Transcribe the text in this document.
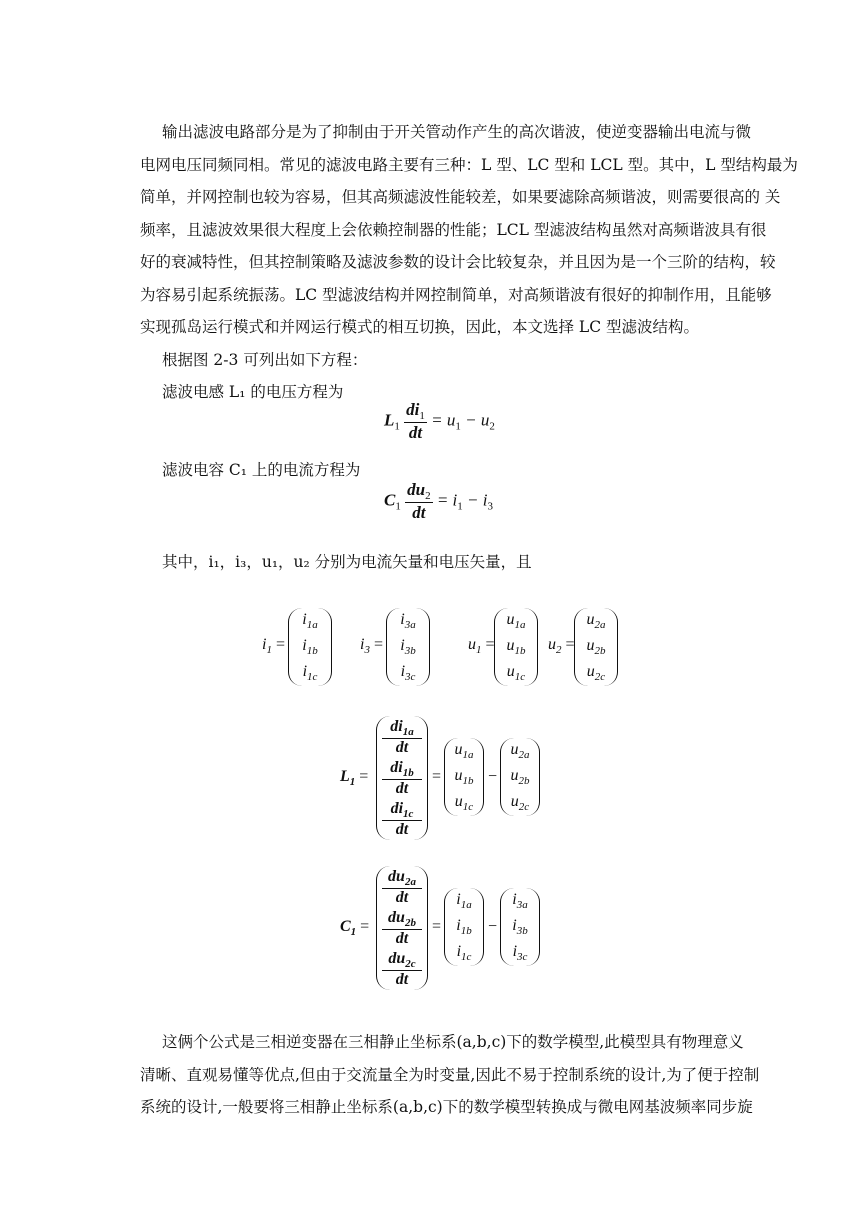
输出滤波电路部分是为了抑制由于开关管动作产生的高次谐波，使逆变器输出电流与微
电网电压同频同相。常见的滤波电路主要有三种：L 型、LC 型和 LCL 型。其中，L 型结构最为
简单，并网控制也较为容易，但其高频滤波性能较差，如果要滤除高频谐波，则需要很高的 关
频率，且滤波效果很大程度上会依赖控制器的性能；LCL 型滤波结构虽然对高频谐波具有很
好的衰减特性，但其控制策略及滤波参数的设计会比较复杂，并且因为是一个三阶的结构，较
为容易引起系统振荡。LC 型滤波结构并网控制简单，对高频谐波有很好的抑制作用，且能够
实现孤岛运行模式和并网运行模式的相互切换，因此，本文选择 LC 型滤波结构。
根据图 2-3 可列出如下方程：
滤波电感 L₁ 的电压方程为
$L_1 \frac{di_1}{dt} = u_1 - u_2$
滤波电容 C₁ 上的电流方程为
$C_1 \frac{du_2}{dt} = i_1 - i_3$
其中，i₁，i₃，u₁，u₂ 分别为电流矢量和电压矢量，且
$i_1$ =
$i_{1a}$
$i_{1b}$
$i_{1c}$
$i_3$ =
$i_{3a}$
$i_{3b}$
$i_{3c}$
$u_1$ =
$u_{1a}$
$u_{1b}$
$u_{1c}$
$u_2$ =
$u_{2a}$
$u_{2b}$
$u_{2c}$
$L_1$ =
$\frac{di_{1a}}{dt}$
$\frac{di_{1b}}{dt}$
$\frac{di_{1c}}{dt}$
=
$u_{1a}$
$u_{1b}$
$u_{1c}$
−
$u_{2a}$
$u_{2b}$
$u_{2c}$
$C_1$ =
$\frac{du_{2a}}{dt}$
$\frac{du_{2b}}{dt}$
$\frac{du_{2c}}{dt}$
=
$i_{1a}$
$i_{1b}$
$i_{1c}$
−
$i_{3a}$
$i_{3b}$
$i_{3c}$
这俩个公式是三相逆变器在三相静止坐标系(a,b,c)下的数学模型,此模型具有物理意义
清晰、直观易懂等优点,但由于交流量全为时变量,因此不易于控制系统的设计,为了便于控制
系统的设计,一般要将三相静止坐标系(a,b,c)下的数学模型转换成与微电网基波频率同步旋
